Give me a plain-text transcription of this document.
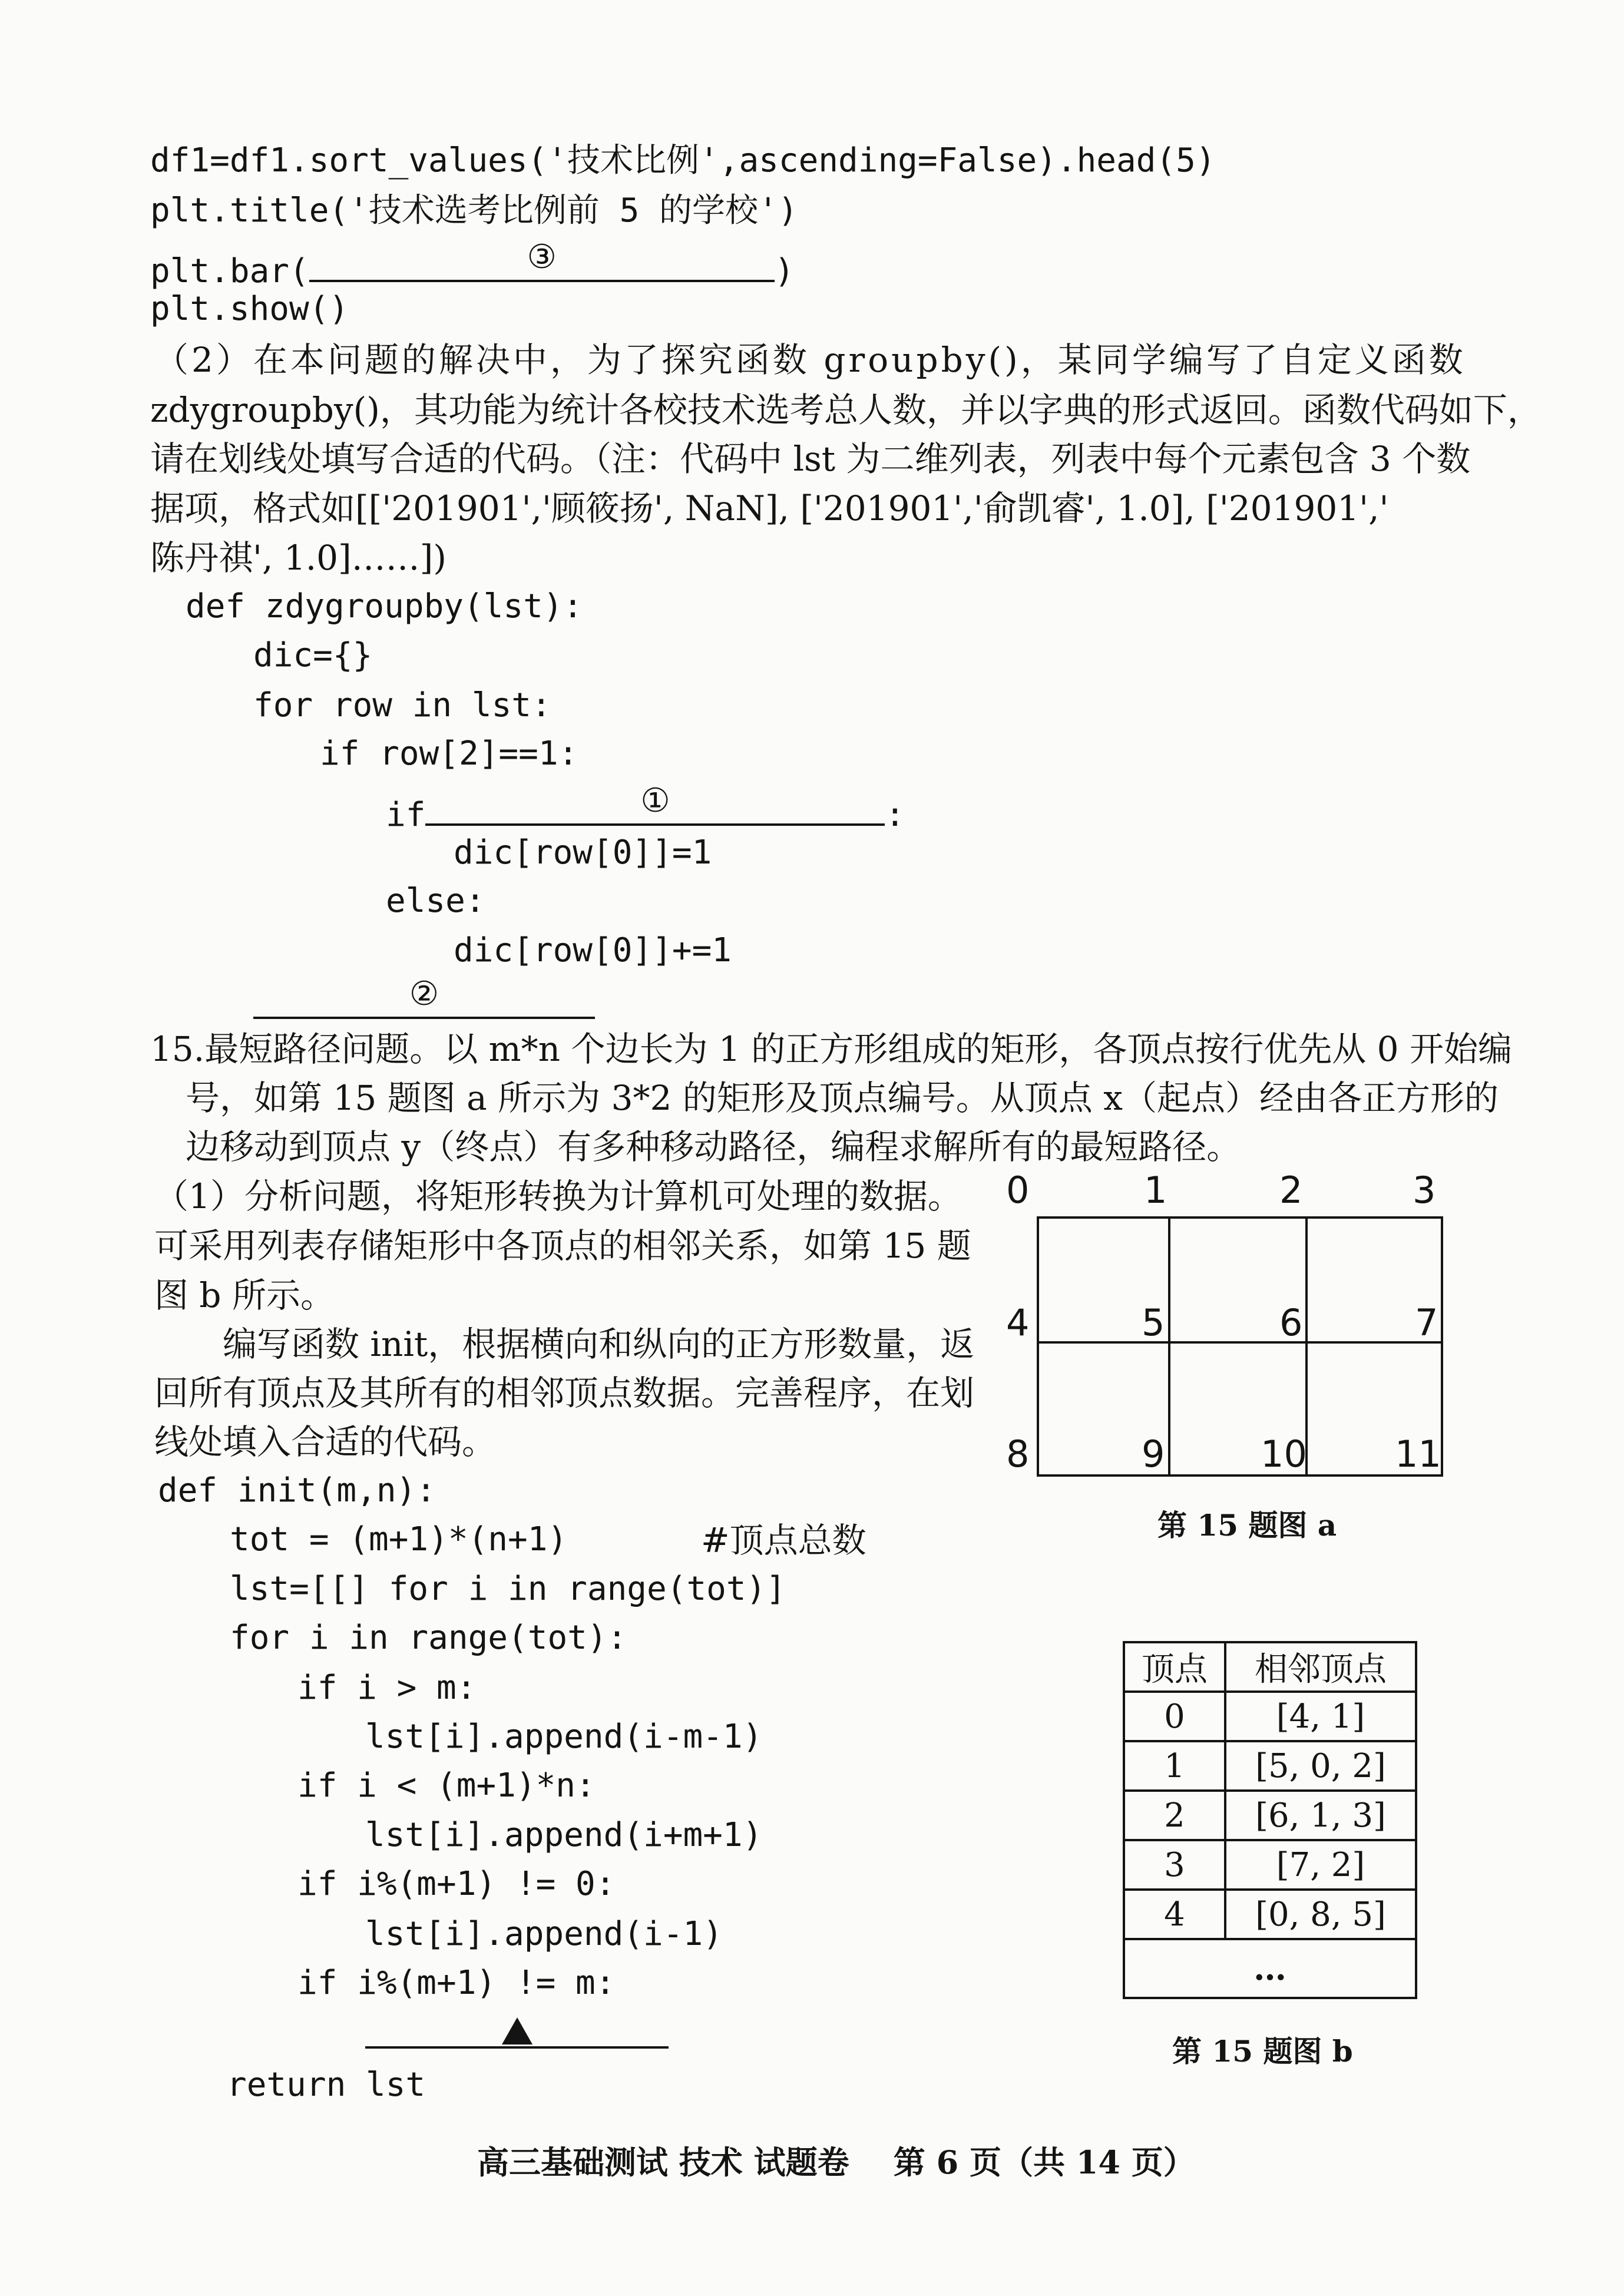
df1=df1.sort_values('技术比例',ascending=False).head(5)
plt.title('技术选考比例前 5 的学校')
plt.bar(	③	)
plt.show()
（2）在本问题的解决中，为了探究函数 groupby()，某同学编写了自定义函数
zdygroupby()，其功能为统计各校技术选考总人数，并以字典的形式返回。函数代码如下，
请在划线处填写合适的代码。（注：代码中 lst 为二维列表，列表中每个元素包含 3 个数
据项，格式如[['201901','顾筱扬', NaN], ['201901','俞凯睿', 1.0], ['201901','
陈丹祺', 1.0]……])
def zdygroupby(lst):
dic={}
for row in lst:
if row[2]==1:
if	①	:
dic[row[0]]=1
else:
dic[row[0]]+=1
②
15.最短路径问题。以 m*n 个边长为 1 的正方形组成的矩形，各顶点按行优先从 0 开始编
号，如第 15 题图 a 所示为 3*2 的矩形及顶点编号。从顶点 x（起点）经由各正方形的
边移动到顶点 y（终点）有多种移动路径，编程求解所有的最短路径。
（1）分析问题，将矩形转换为计算机可处理的数据。
可采用列表存储矩形中各顶点的相邻关系，如第 15 题
图 b 所示。
编写函数 init，根据横向和纵向的正方形数量，返
回所有顶点及其所有的相邻顶点数据。完善程序，在划
线处填入合适的代码。
def init(m,n):
tot = (m+1)*(n+1)	#顶点总数
lst=[[] for i in range(tot)]
for i in range(tot):
if i > m:
lst[i].append(i-m-1)
if i < (m+1)*n:
lst[i].append(i+m+1)
if i%(m+1) != 0:
lst[i].append(i-1)
if i%(m+1) != m:
return lst
0	1	2	3
4	5	6	7
8	9	10 11
第 15 题图 a
顶点	相邻顶点
0	[4, 1]
1	[5, 0, 2]
2	[6, 1, 3]
3	[7, 2]
4	[0, 8, 5]
…	
第 15 题图 b
高三基础测试 技术 试题卷    第 6 页（共 14 页）
